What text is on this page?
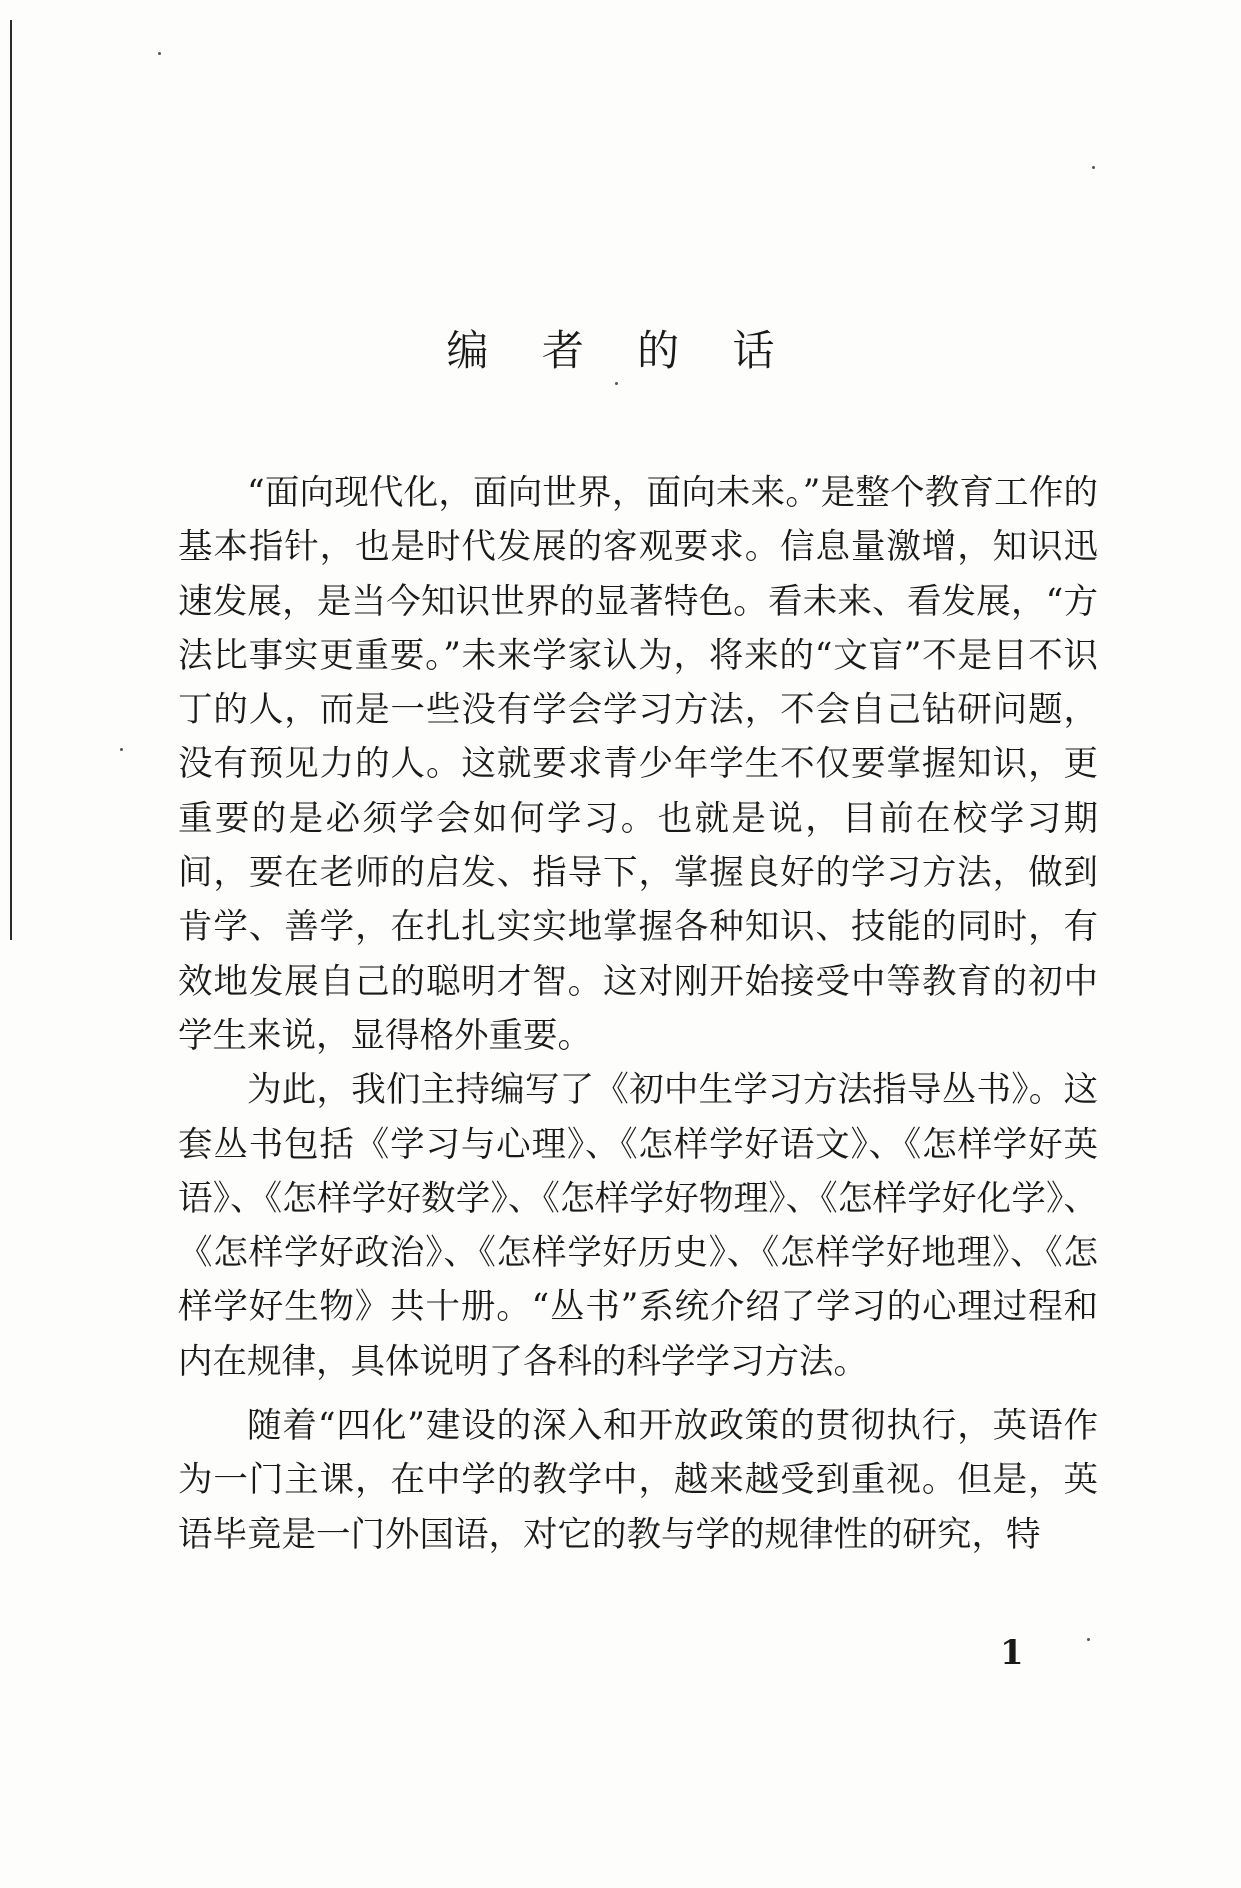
编 者 的 话

“面向现代化，面向世界，面向未来。”是整个教育工作的基本指针，也是时代发展的客观要求。信息量激增，知识迅速发展，是当今知识世界的显著特色。看未来、看发展，“方法比事实更重要。”未来学家认为，将来的“文盲”不是目不识丁的人，而是一些没有学会学习方法，不会自己钻研问题，没有预见力的人。这就要求青少年学生不仅要掌握知识，更重要的是必须学会如何学习。也就是说，目前在校学习期间，要在老师的启发、指导下，掌握良好的学习方法，做到肯学、善学，在扎扎实实地掌握各种知识、技能的同时，有效地发展自己的聪明才智。这对刚开始接受中等教育的初中学生来说，显得格外重要。

为此，我们主持编写了《初中生学习方法指导丛书》。这套丛书包括《学习与心理》、《怎样学好语文》、《怎样学好英语》、《怎样学好数学》、《怎样学好物理》、《怎样学好化学》、《怎样学好政治》、《怎样学好历史》、《怎样学好地理》、《怎样学好生物》共十册。“丛书”系统介绍了学习的心理过程和内在规律，具体说明了各科的科学学习方法。

随着“四化”建设的深入和开放政策的贯彻执行，英语作为一门主课，在中学的教学中，越来越受到重视。但是，英语毕竟是一门外国语，对它的教与学的规律性的研究，特

1
